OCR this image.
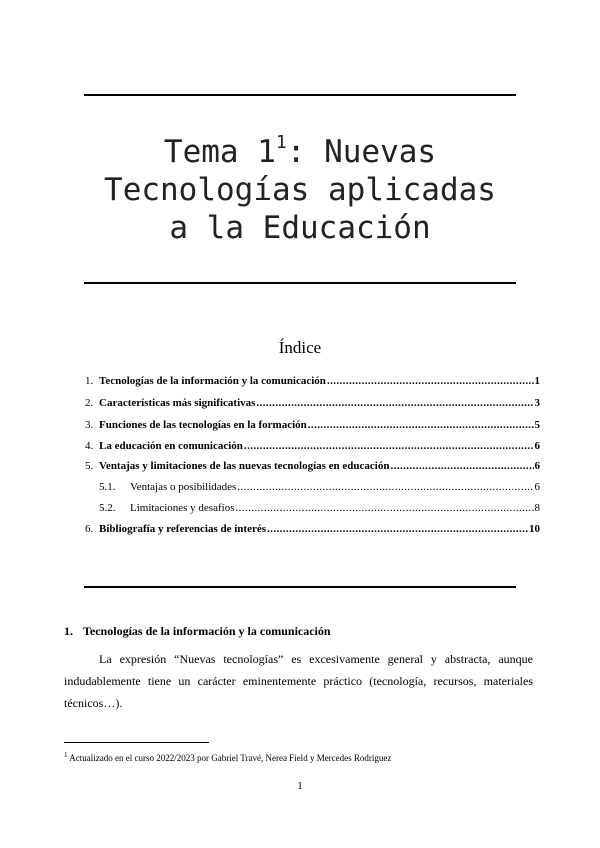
Tema $1^1$: Nuevas
Tecnologías aplicadas
a la Educación
Índice
1. Tecnologías de la información y la comunicación .....	1
2. Características más significativas .....	3
3. Funciones de las tecnologías en la formación .....	5
4. La educación en comunicación .....	6
5. Ventajas y limitaciones de las nuevas tecnologías en educación .....	6
5.1.	Ventajas o posibilidades .....	6
5.2.	Limitaciones y desafíos .....	8
6. Bibliografía y referencias de interés .....	10
1. Tecnologías de la información y la comunicación

La expresión “Nuevas tecnologías” es excesivamente general y abstracta, aunque indudablemente tiene un carácter eminentemente práctico (tecnología, recursos, materiales técnicos…).

$^1$ Actualizado en el curso 2022/2023 por Gabriel Travé, Nerea Field y Mercedes Rodríguez

1
